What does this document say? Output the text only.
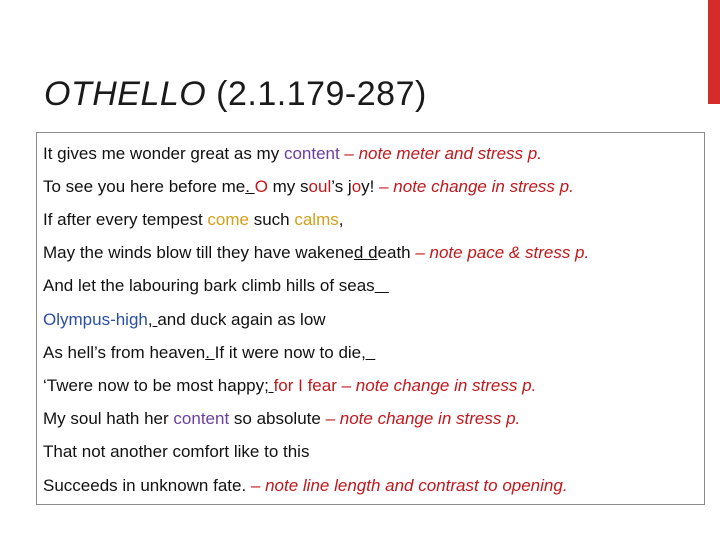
OTHELLO (2.1.179-287)
It gives me wonder great as my content – note meter and stress p.
To see you here before me. O my soul’s joy! – note change in stress p.
If after every tempest come such calms,
May the winds blow till they have wakened death – note pace & stress p.
And let the labouring bark climb hills of seas
Olympus-high, and duck again as low
As hell’s from heaven. If it were now to die,
‘Twere now to be most happy; for I fear – note change in stress p.
My soul hath her content so absolute – note change in stress p.
That not another comfort like to this
Succeeds in unknown fate. – note line length and contrast to opening.
